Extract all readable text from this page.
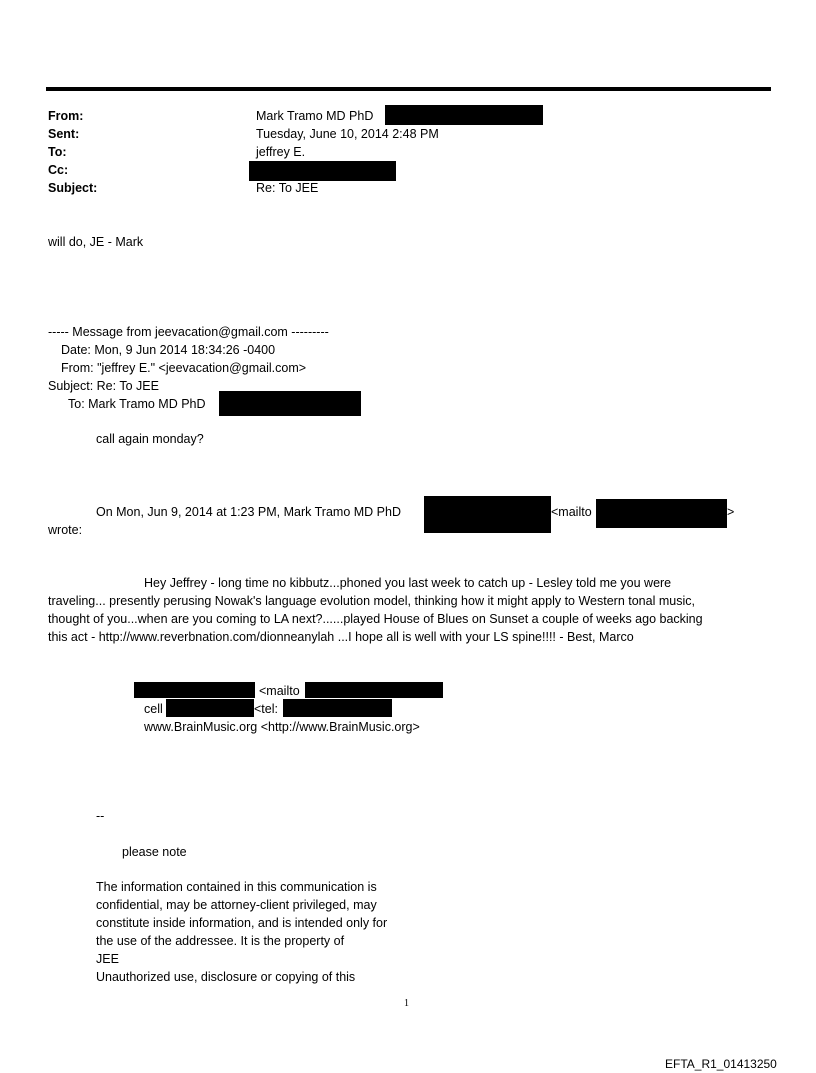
From:	Mark Tramo MD PhD
Sent:	Tuesday, June 10, 2014 2:48 PM
To:	jeffrey E.
Cc:
Subject:	Re: To JEE
will do, JE - Mark
----- Message from jeevacation@gmail.com ---------
Date: Mon, 9 Jun 2014 18:34:26 -0400
From: "jeffrey E." <jeevacation@gmail.com>
Subject: Re: To JEE
To: Mark Tramo MD PhD
call again monday?
On Mon, Jun 9, 2014 at 1:23 PM, Mark Tramo MD PhD	<mailto	>
wrote:
Hey Jeffrey - long time no kibbutz...phoned you last week to catch up - Lesley told me you were
traveling... presently perusing Nowak's language evolution model, thinking how it might apply to Western tonal music,
thought of you...when are you coming to LA next?......played House of Blues on Sunset a couple of weeks ago backing
this act - http://www.reverbnation.com/dionneanylah ...I hope all is well with your LS spine!!!! - Best, Marco
<mailto
cell	<tel:
www.BrainMusic.org <http://www.BrainMusic.org>
--
please note
The information contained in this communication is
confidential, may be attorney-client privileged, may
constitute inside information, and is intended only for
the use of the addressee. It is the property of
JEE
Unauthorized use, disclosure or copying of this
1
EFTA_R1_01413250
